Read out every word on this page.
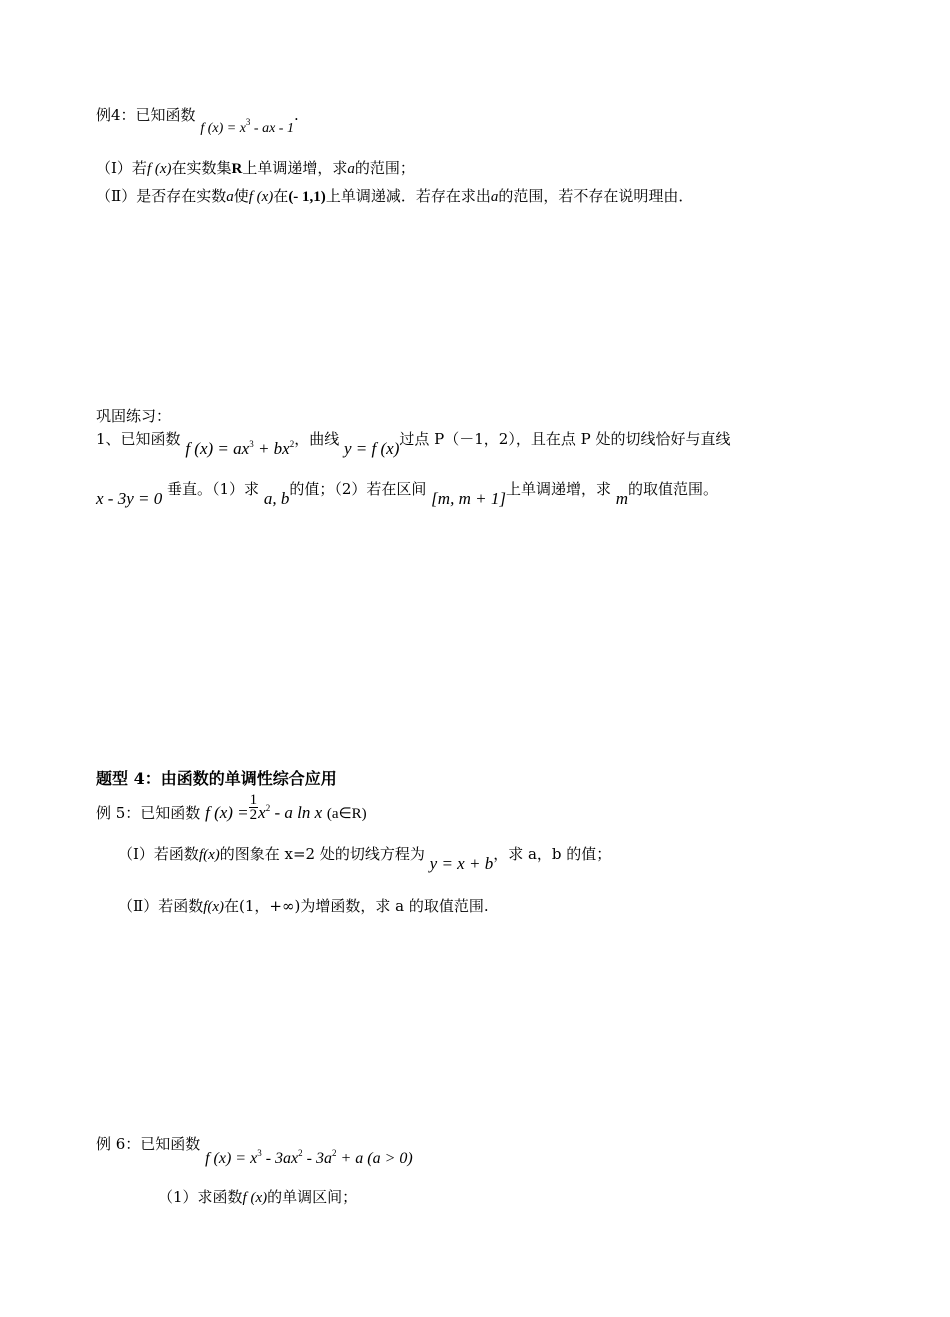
例4：已知函数 f $(x) = x^3$ - ax - 1.
（Ⅰ）若f (x)在实数集R上单调递增，求a的范围；
（Ⅱ）是否存在实数a使f (x)在(- 1,1)上单调递减．若存在求出a的范围，若不存在说明理由．
巩固练习：
1、已知函数 f $(x) = ax^3 + bx^2$，曲线 y = f (x)过点 P（－1，2），且在点 P 处的切线恰好与直线
x - 3y = 0 垂直。（1）求 a, b的值；（2）若在区间 [m, m + 1]上单调递增，求 m的取值范围。
题型 4：由函数的单调性综合应用
例 5：已知函数 f $(x) = \frac{1}{2} x^2 - a$ ln x (a∈R)
（Ⅰ）若函数f(x)的图象在 x=2 处的切线方程为 y = x + b，求 a，b 的值；
（Ⅱ）若函数f(x)在(1，+∞)为增函数，求 a 的取值范围.
例 6：已知函数 f $(x) = x^3 - 3ax^2 - 3a^2 + a$ (a > 0)
（1）求函数f (x)的单调区间；
